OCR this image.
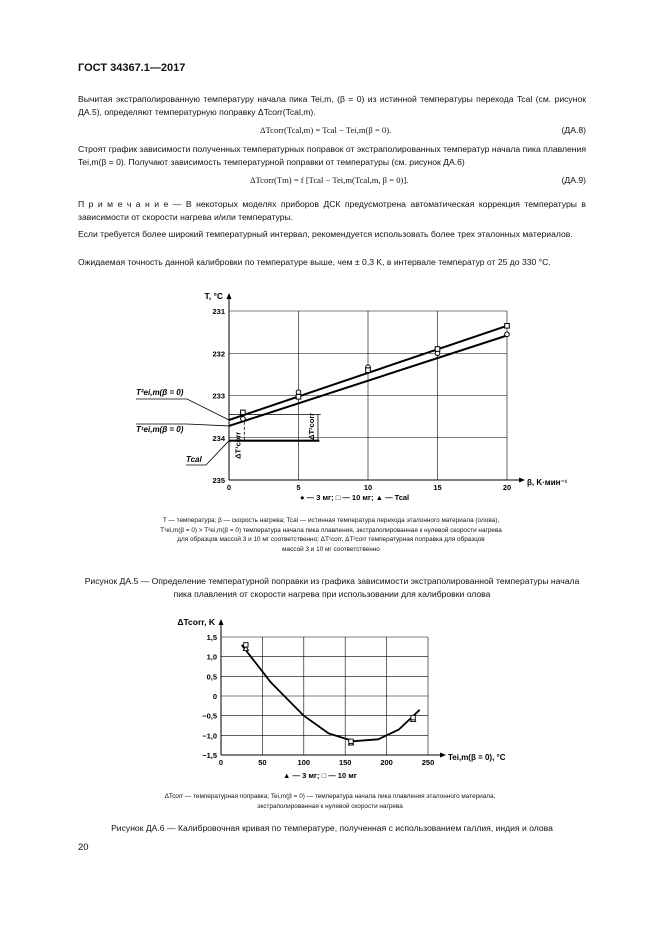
ГОСТ 34367.1—2017
Вычитая экстраполированную температуру начала пика Tei,m, (β = 0) из истинной температуры перехода Tcal (см. рисунок ДА.5), определяют температурную поправку ΔTcorr(Tcal,m).
ΔTcorr(Tcal,m) = Tcal − Tei,m(β = 0).	(ДА.8)
Строят график зависимости полученных температурных поправок от экстраполированных температур начала пика плавления Tei,m(β = 0). Получают зависимость температурной поправки от температуры (см. рисунок ДА.6)
ΔTcorr(Tm) = f [Tcal − Tei,m(Tcal,m, β = 0)].	(ДА.9)
П р и м е ч а н и е — В некоторых моделях приборов ДСК предусмотрена автоматическая коррекция температуры в зависимости от скорости нагрева и/или температуры.
Если требуется более широкий температурный интервал, рекомендуется использовать более трех эталонных материалов.
Ожидаемая точность данной калибровки по температуре выше, чем ± 0,3 K, в интервале температур от 25 до 330 °C.
0	5	10	15	20
231
232
233
234
235
T, °C
β, K·мин⁻¹
ΔT¹corr
ΔT²corr
T²ei,m(β = 0)
T¹ei,m(β = 0)
Tcal
● — 3 мг; □ — 10 мг; ▲ — Tcal
0	50	100	150	200	250
1,5
1,0
0,5
0
−0,5
−1,0
−1,5
ΔTcorr, K
Tei,m(β = 0), °C
▲ — 3 мг; □ — 10 мг
T — температура; β — скорость нагрева; Tcal — истинная температура перехода эталонного материала (олова),
T¹ei,m(β = 0) > T²ei,m(β = 0) температура начала пика плавления, экстраполированная к нулевой скорости нагрева
для образцов массой 3 и 10 мг соответственно; ΔT¹corr, ΔT²corr температурная поправка для образцов
массой 3 и 10 мг соответственно
Рисунок ДА.5 — Определение температурной поправки из графика зависимости экстраполированной температуры начала пика плавления от скорости нагрева при использовании для калибровки олова
ΔTcorr — температурная поправка; Tei,m(β = 0) — температура начала пика плавления эталонного материала,
экстраполированная к нулевой скорости нагрева
Рисунок ДА.6 — Калибровочная кривая по температуре, полученная с использованием галлия, индия и олова
20
